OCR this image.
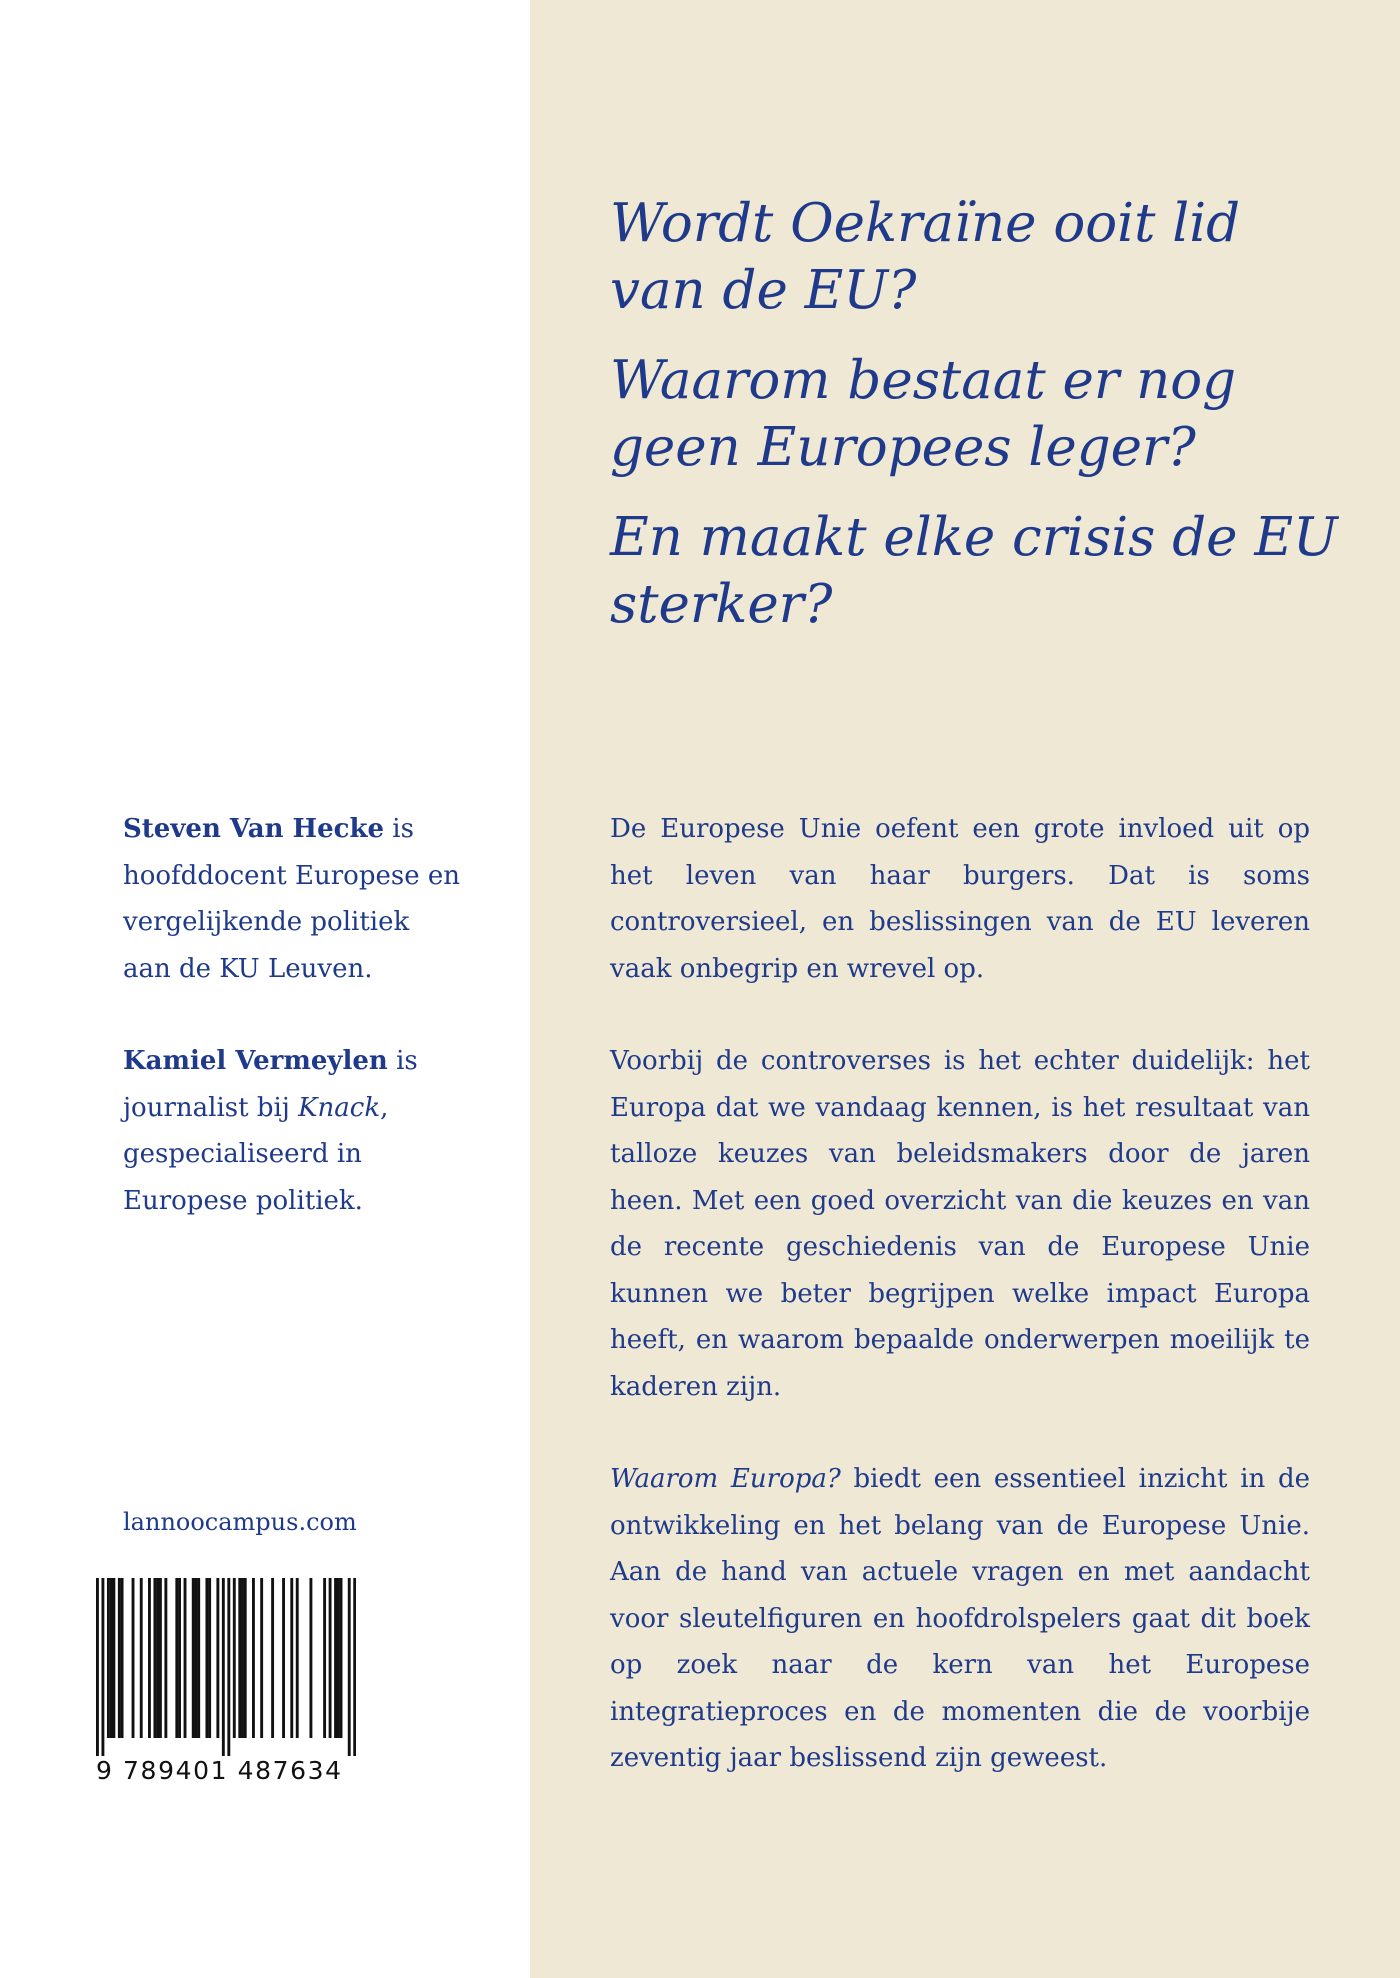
Steven Van Hecke is hoofddocent Europese en vergelijkende politiek aan de KU Leuven.

Kamiel Vermeylen is journalist bij Knack, gespecialiseerd in Europese politiek.

lannoocampus.com
9 789401 487634

Wordt Oekraïne ooit lid van de EU?

Waarom bestaat er nog geen Europees leger?

En maakt elke crisis de EU sterker?

De Europese Unie oefent een grote invloed uit op het leven van haar burgers. Dat is soms controversieel, en beslissingen van de EU leveren vaak onbegrip en wrevel op.

Voorbij de controverses is het echter duidelijk: het Europa dat we vandaag kennen, is het resultaat van talloze keuzes van beleidsmakers door de jaren heen. Met een goed overzicht van die keuzes en van de recente geschiedenis van de Europese Unie kunnen we beter begrijpen welke impact Europa heeft, en waarom bepaalde onderwerpen moeilijk te kaderen zijn.

Waarom Europa? biedt een essentieel inzicht in de ontwikkeling en het belang van de Europese Unie. Aan de hand van actuele vragen en met aandacht voor sleutelfiguren en hoofdrolspelers gaat dit boek op zoek naar de kern van het Europese integratieproces en de momenten die de voorbije zeventig jaar beslissend zijn geweest.
